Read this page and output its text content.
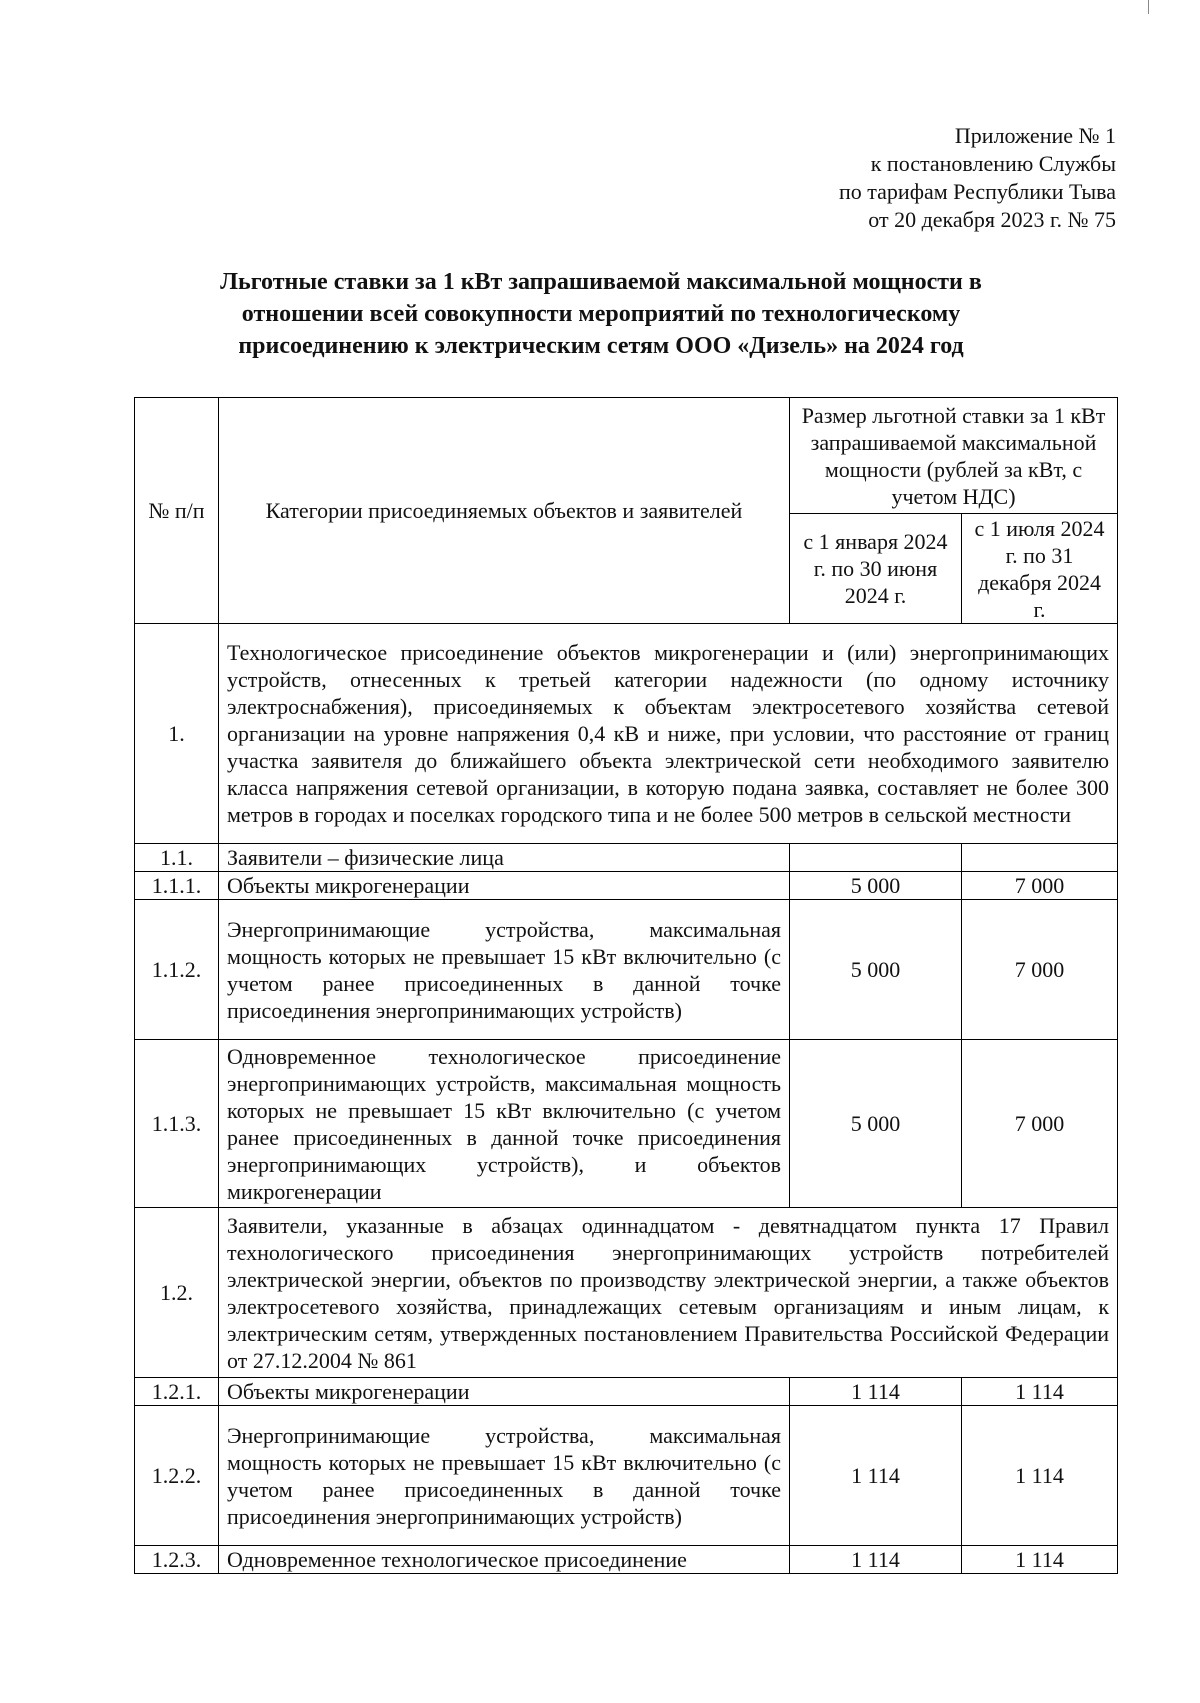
Приложение № 1
к постановлению Службы
по тарифам Республики Тыва
от 20 декабря 2023 г. № 75
Льготные ставки за 1 кВт запрашиваемой максимальной мощности в
отношении всей совокупности мероприятий по технологическому
присоединению к электрическим сетям ООО «Дизель» на 2024 год
№ п/п	Категории присоединяемых объектов и заявителей	Размер льготной ставки за 1 кВт запрашиваемой максимальной мощности (рублей за кВт, с учетом НДС)	
		с 1 января 2024 г. по 30 июня 2024 г.	с 1 июля 2024 г. по 31 декабря 2024 г.
1.	Технологическое присоединение объектов микрогенерации и (или) энергопринимающих устройств, отнесенных к третьей категории надежности (по одному источнику электроснабжения), присоединяемых к объектам электросетевого хозяйства сетевой организации на уровне напряжения 0,4 кВ и ниже, при условии, что расстояние от границ участка заявителя до ближайшего объекта электрической сети необходимого заявителю класса напряжения сетевой организации, в которую подана заявка, составляет не более 300 метров в городах и поселках городского типа и не более 500 метров в сельской местности		
1.1.	Заявители – физические лица		
1.1.1.	Объекты микрогенерации	5 000	7 000
1.1.2.	Энергопринимающие устройства, максимальная мощность которых не превышает 15 кВт включительно (с учетом ранее присоединенных в данной точке присоединения энергопринимающих устройств)	5 000	7 000
1.1.3.	Одновременное технологическое присоединение энергопринимающих устройств, максимальная мощность которых не превышает 15 кВт включительно (с учетом ранее присоединенных в данной точке присоединения энергопринимающих устройств), и объектов микрогенерации	5 000	7 000
1.2.	Заявители, указанные в абзацах одиннадцатом - девятнадцатом пункта 17 Правил технологического присоединения энергопринимающих устройств потребителей электрической энергии, объектов по производству электрической энергии, а также объектов электросетевого хозяйства, принадлежащих сетевым организациям и иным лицам, к электрическим сетям, утвержденных постановлением Правительства Российской Федерации от 27.12.2004 № 861		
1.2.1.	Объекты микрогенерации	1 114	1 114
1.2.2.	Энергопринимающие устройства, максимальная мощность которых не превышает 15 кВт включительно (с учетом ранее присоединенных в данной точке присоединения энергопринимающих устройств)	1 114	1 114
1.2.3.	Одновременное технологическое присоединение	1 114	1 114
